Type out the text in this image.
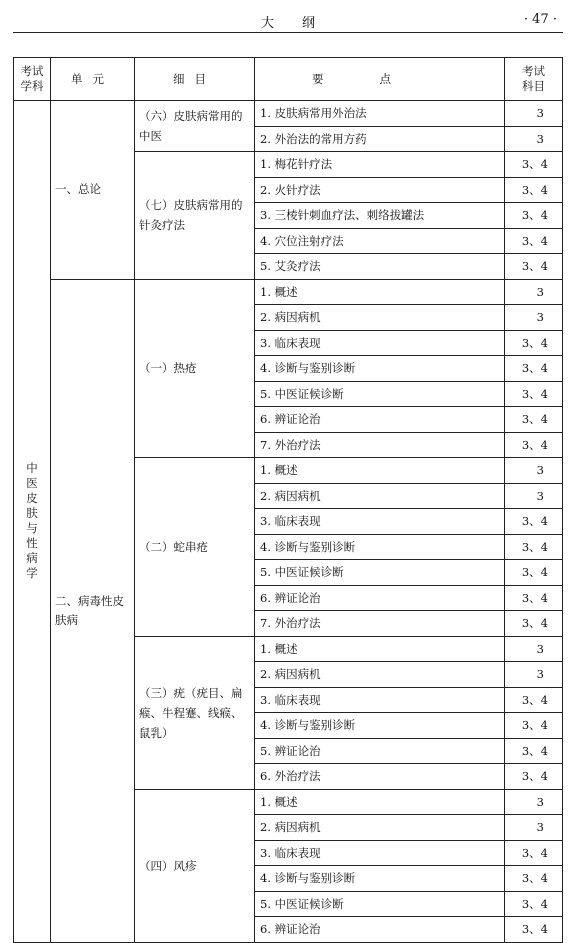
大纲	· 47 ·
考试学科	单元	细目	要点	考试科目
中医皮肤与性病学	一、总论	（六）皮肤病常用的中医	1. 皮肤病常用外治法	3
			2. 外治法的常用方药	3
		（七）皮肤病常用的针灸疗法	1. 梅花针疗法	3、4
			2. 火针疗法	3、4
			3. 三棱针刺血疗法、刺络拔罐法	3、4
			4. 穴位注射疗法	3、4
			5. 艾灸疗法	3、4
	二、病毒性皮肤病	（一）热疮	1. 概述	3
			2. 病因病机	3
			3. 临床表现	3、4
			4. 诊断与鉴别诊断	3、4
			5. 中医证候诊断	3、4
			6. 辨证论治	3、4
			7. 外治疗法	3、4
		（二）蛇串疮	1. 概述	3
			2. 病因病机	3
			3. 临床表现	3、4
			4. 诊断与鉴别诊断	3、4
			5. 中医证候诊断	3、4
			6. 辨证论治	3、4
			7. 外治疗法	3、4
		（三）疣（疣目、扁瘊、牛程蹇、线瘊、鼠乳）	1. 概述	3
			2. 病因病机	3
			3. 临床表现	3、4
			4. 诊断与鉴别诊断	3、4
			5. 辨证论治	3、4
			6. 外治疗法	3、4
		（四）风疹	1. 概述	3
			2. 病因病机	3
			3. 临床表现	3、4
			4. 诊断与鉴别诊断	3、4
			5. 中医证候诊断	3、4
			6. 辨证论治	3、4
